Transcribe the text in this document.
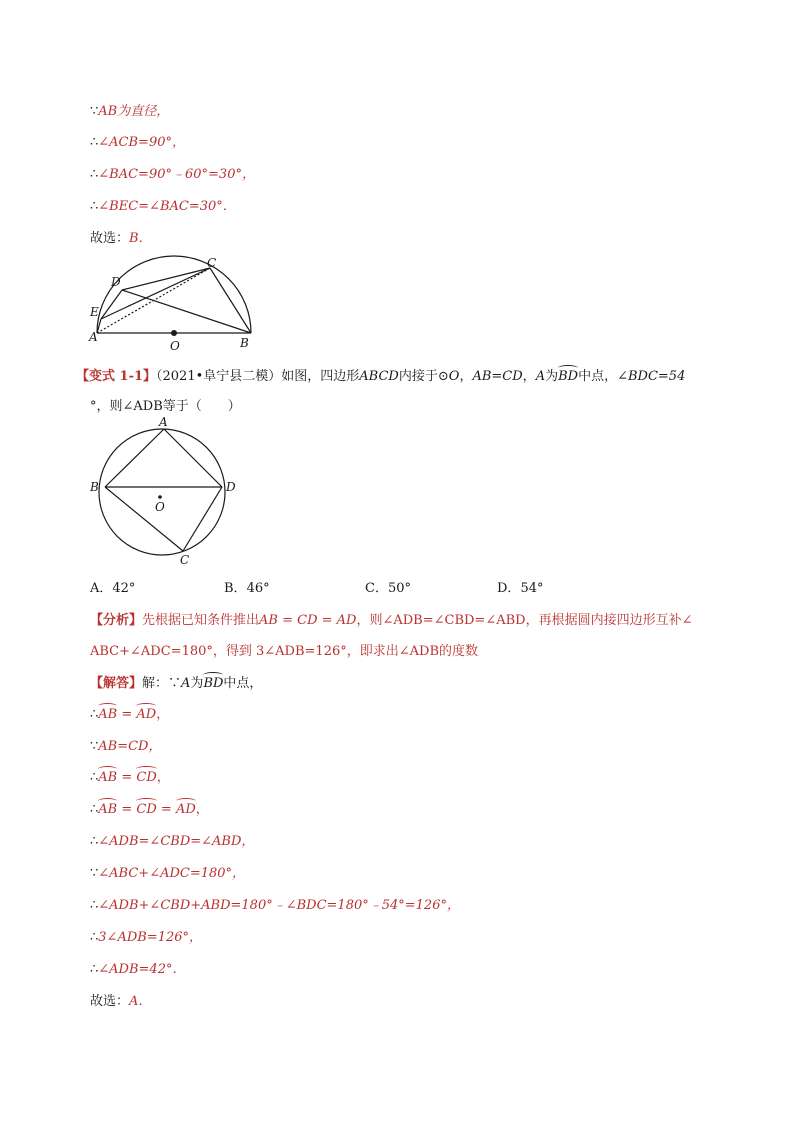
∵AB为直径，
∴∠ACB=90°，
∴∠BAC=90°﹣60°=30°，
∴∠BEC=∠BAC=30°．
故选：B．
A
E
D
C
B
O
【变式 1-1】（2021•阜宁县二模）如图，四边形ABCD内接于⊙O，AB=CD，A为BD中点，∠BDC=54
°，则∠ADB等于（　　）
A
B	D
O
C
A．42°	B．46°	C．50°	D．54°
【分析】先根据已知条件推出AB = CD = AD，则∠ADB=∠CBD=∠ABD，再根据圆内接四边形互补∠
ABC+∠ADC=180°，得到 3∠ADB=126°，即求出∠ADB的度数
【解答】解：∵A为BD中点，
∴AB = AD，
∵AB=CD，
∴AB = CD，
∴AB = CD = AD，
∴∠ADB=∠CBD=∠ABD，
∵∠ABC+∠ADC=180°，
∴∠ADB+∠CBD+ABD=180°﹣∠BDC=180°﹣54°=126°，
∴3∠ADB=126°，
∴∠ADB=42°．
故选：A．
